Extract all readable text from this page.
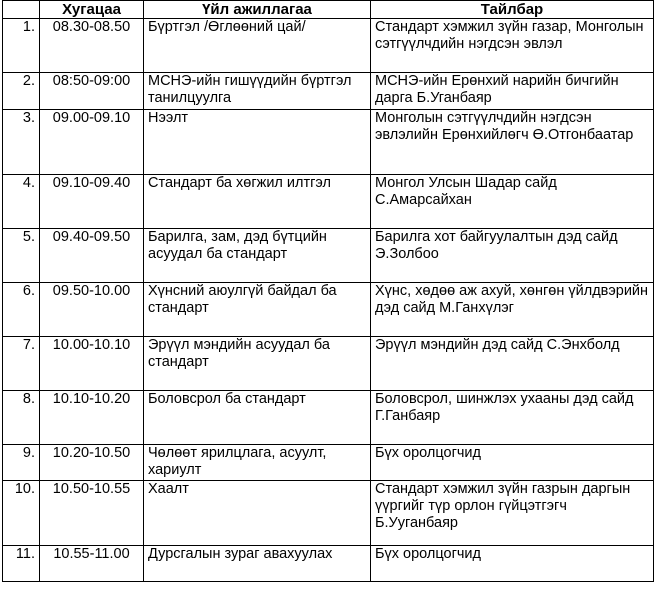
	Хугацаа	Үйл ажиллагаа	Тайлбар
1.	08.30-08.50	Бүртгэл /Өглөөний цай/	Стандарт хэмжил зүйн газар, Монголын сэтгүүлчдийн нэгдсэн эвлэл
2.	08:50-09:00	МСНЭ-ийн гишүүдийн бүртгэл танилцуулга	МСНЭ-ийн Ерөнхий нарийн бичгийн дарга Б.Уганбаяр
3.	09.00-09.10	Нээлт	Монголын сэтгүүлчдийн нэгдсэн эвлэлийн Ерөнхийлөгч Ө.Отгонбаатар
4.	09.10-09.40	Стандарт ба хөгжил илтгэл	Монгол Улсын Шадар сайд С.Амарсайхан
5.	09.40-09.50	Барилга, зам, дэд бүтцийн асуудал ба стандарт	Барилга хот байгуулалтын дэд сайд Э.Золбоо
6.	09.50-10.00	Хүнсний аюулгүй байдал ба стандарт	Хүнс, хөдөө аж ахуй, хөнгөн үйлдвэрийн дэд сайд М.Ганхүлэг
7.	10.00-10.10	Эрүүл мэндийн асуудал ба стандарт	Эрүүл мэндийн дэд сайд С.Энхболд
8.	10.10-10.20	Боловсрол ба стандарт	Боловсрол, шинжлэх ухааны дэд сайд Г.Ганбаяр
9.	10.20-10.50	Чөлөөт ярилцлага, асуулт, хариулт	Бүх оролцогчид
10.	10.50-10.55	Хаалт	Стандарт хэмжил зүйн газрын даргын үүргийг түр орлон гүйцэтгэгч Б.Ууганбаяр
11.	10.55-11.00	Дурсгалын зураг авахуулах	Бүх оролцогчид
